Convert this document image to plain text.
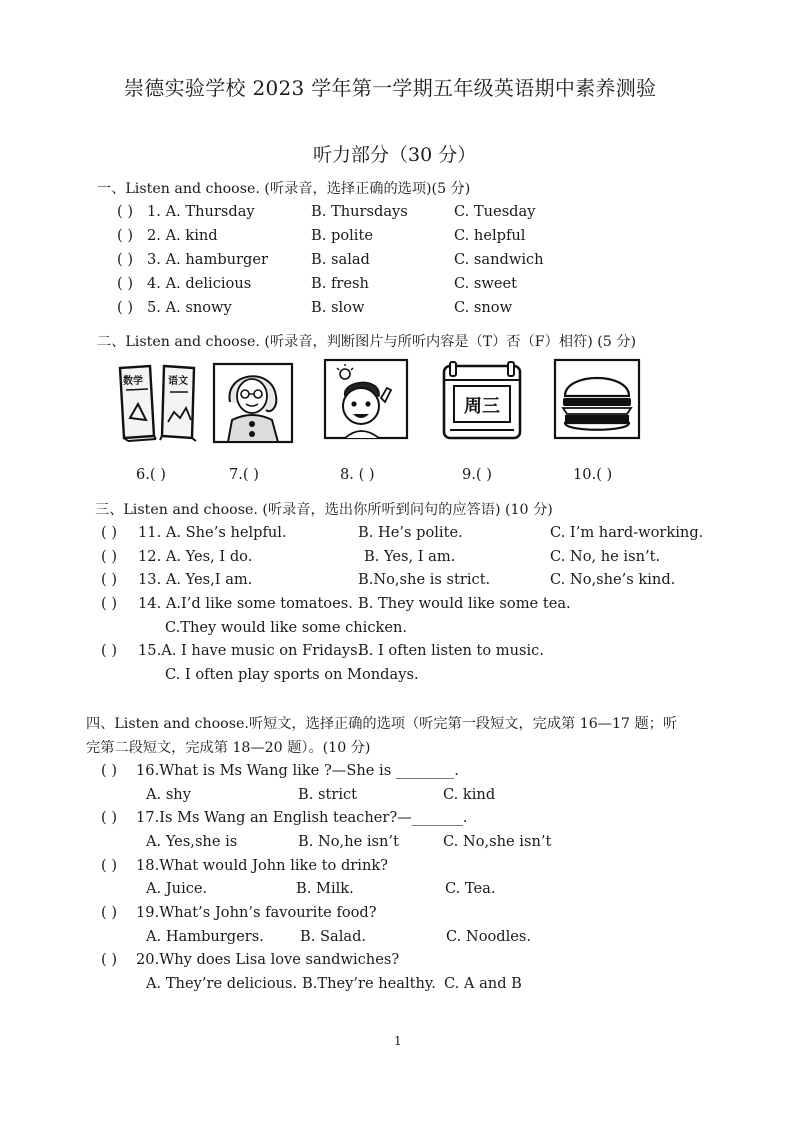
崇德实验学校 2023 学年第一学期五年级英语期中素养测验
听力部分（30 分）
一、Listen and choose. (听录音，选择正确的选项)(5 分)
( ) 1. A. Thursday	B. Thursdays	C. Tuesday
( ) 2. A. kind	B. polite	C. helpful
( ) 3. A. hamburger	B. salad	C. sandwich
( ) 4. A. delicious	B. fresh	C. sweet
( ) 5. A. snowy	B. slow	C. snow
二、Listen and choose. (听录音，判断图片与所听内容是（T）否（F）相符) (5 分)
数学	语文
周三
6.( )	7.( )	8. ( )	9.( )	10.( )
三、Listen and choose. (听录音，选出你所听到问句的应答语) (10 分)
( ) 11. A. She’s helpful.	B. He’s polite.	C. I’m hard-working.
( ) 12. A. Yes, I do.	B. Yes, I am.	C. No, he isn’t.
( ) 13. A. Yes,I am.	B.No,she is strict.	C. No,she’s kind.
( ) 14. A.I’d like some tomatoes. B. They would like some tea.
C.They would like some chicken.
( ) 15.A. I have music on Fridays.
B. I often listen to music.
C. I often play sports on Mondays.
四、Listen and choose.听短文，选择正确的选项（听完第一段短文，完成第 16—17 题；听
完第二段短文，完成第 18—20 题）。(10 分)
( ) 16.What is Ms Wang like ?—She is ________.
A. shy	B. strict	C. kind
( ) 17.Is Ms Wang an English teacher?—_______.
A. Yes,she is	B. No,he isn’t	C. No,she isn’t
( ) 18.What would John like to drink?
A. Juice.	B. Milk.	C. Tea.
( ) 19.What’s John’s favourite food?
A. Hamburgers. B. Salad.	C. Noodles.
( ) 20.Why does Lisa love sandwiches?
A. They’re delicious. B.They’re healthy. C. A and B
1
